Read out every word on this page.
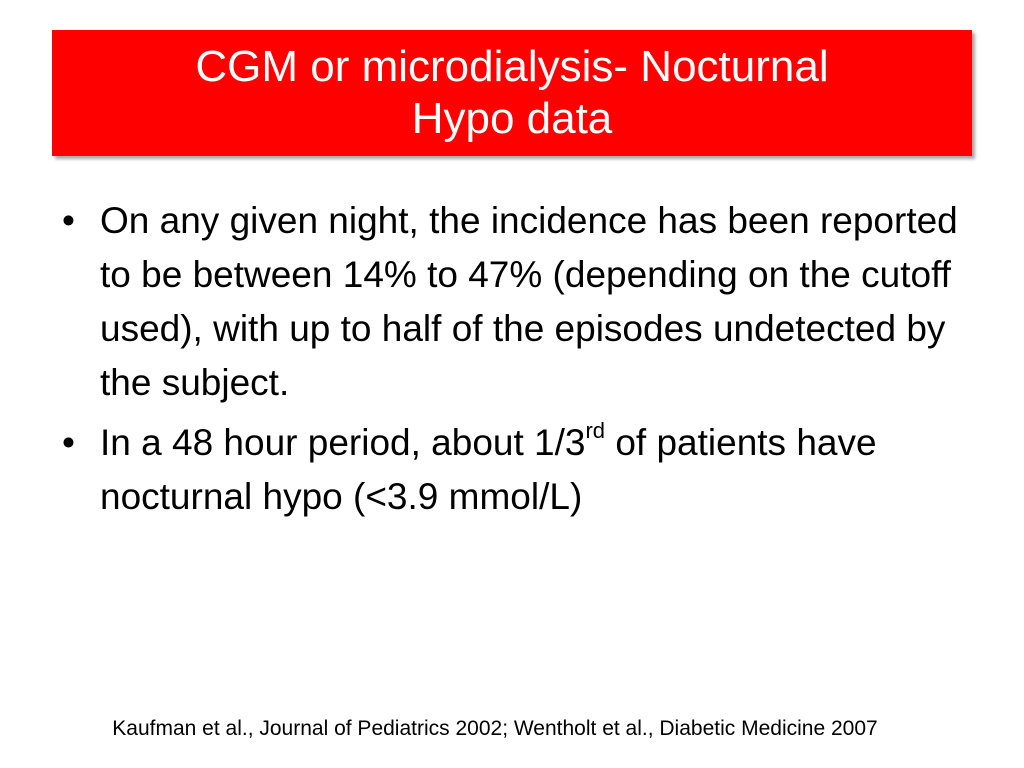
CGM or microdialysis- Nocturnal
Hypo data
• On any given night, the incidence has been reported to be between 14% to 47% (depending on the cutoff used), with up to half of the episodes undetected by the subject.
• In a 48 hour period, about 1/3rd of patients have nocturnal hypo (<3.9 mmol/L)
Kaufman et al., Journal of Pediatrics 2002; Wentholt et al., Diabetic Medicine 2007
